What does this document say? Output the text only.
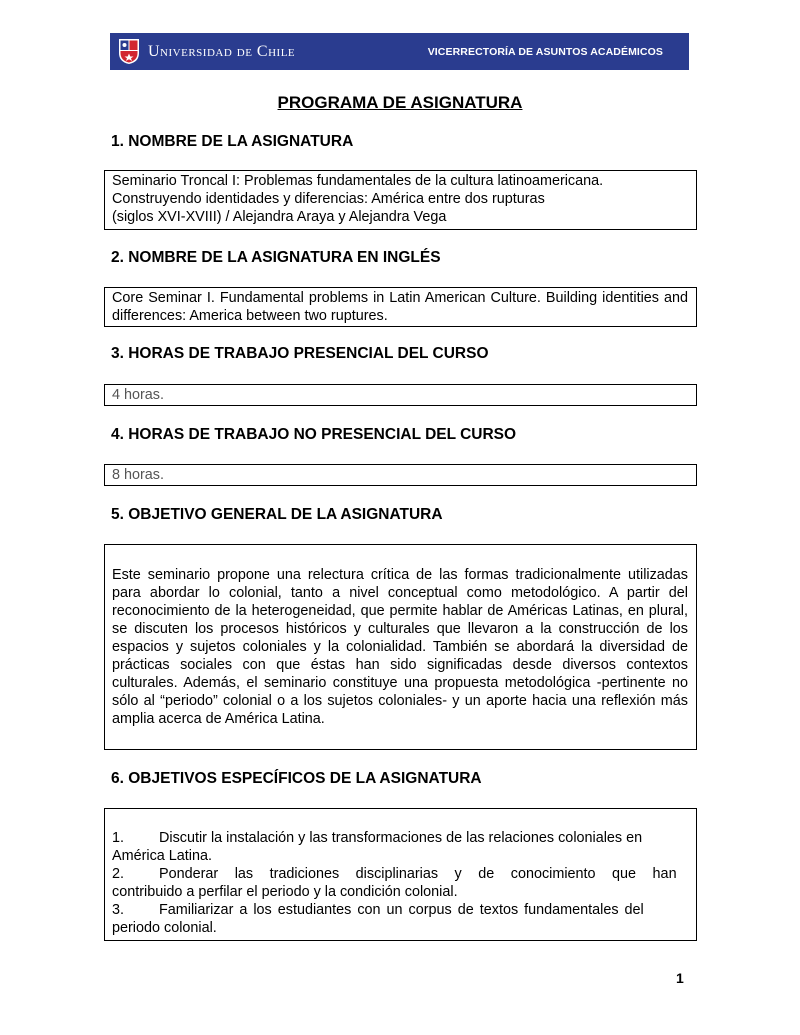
Universidad de Chile	VICERRECTORÍA DE ASUNTOS ACADÉMICOS
PROGRAMA DE ASIGNATURA
1. NOMBRE DE LA ASIGNATURA

Seminario Troncal I: Problemas fundamentales de la cultura latinoamericana.

Construyendo identidades y diferencias: América entre dos rupturas

(siglos XVI-XVIII) / Alejandra Araya y Alejandra Vega

2. NOMBRE DE LA ASIGNATURA EN INGLÉS

Core Seminar I. Fundamental problems in Latin American Culture. Building identities and differences: America between two ruptures.

3. HORAS DE TRABAJO PRESENCIAL DEL CURSO

4 horas.

4. HORAS DE TRABAJO NO PRESENCIAL DEL CURSO

8 horas.

5. OBJETIVO GENERAL DE LA ASIGNATURA

Este seminario propone una relectura crítica de las formas tradicionalmente utilizadas para abordar lo colonial, tanto a nivel conceptual como metodológico. A partir del reconocimiento de la heterogeneidad, que permite hablar de Américas Latinas, en plural, se discuten los procesos históricos y culturales que llevaron a la construcción de los espacios y sujetos coloniales y la colonialidad. También se abordará la diversidad de prácticas sociales con que éstas han sido significadas desde diversos contextos culturales. Además, el seminario constituye una propuesta metodológica -pertinente no sólo al “periodo” colonial o a los sujetos coloniales- y un aporte hacia una reflexión más amplia acerca de América Latina.

6. OBJETIVOS ESPECÍFICOS DE LA ASIGNATURA
1.	Discutir la instalación y las transformaciones de las relaciones coloniales en

América Latina.

2.	Ponderar las tradiciones disciplinarias y de conocimiento que han

contribuido a perfilar el periodo y la condición colonial.

3.	Familiarizar a los estudiantes con un corpus de textos fundamentales del

periodo colonial.

1
